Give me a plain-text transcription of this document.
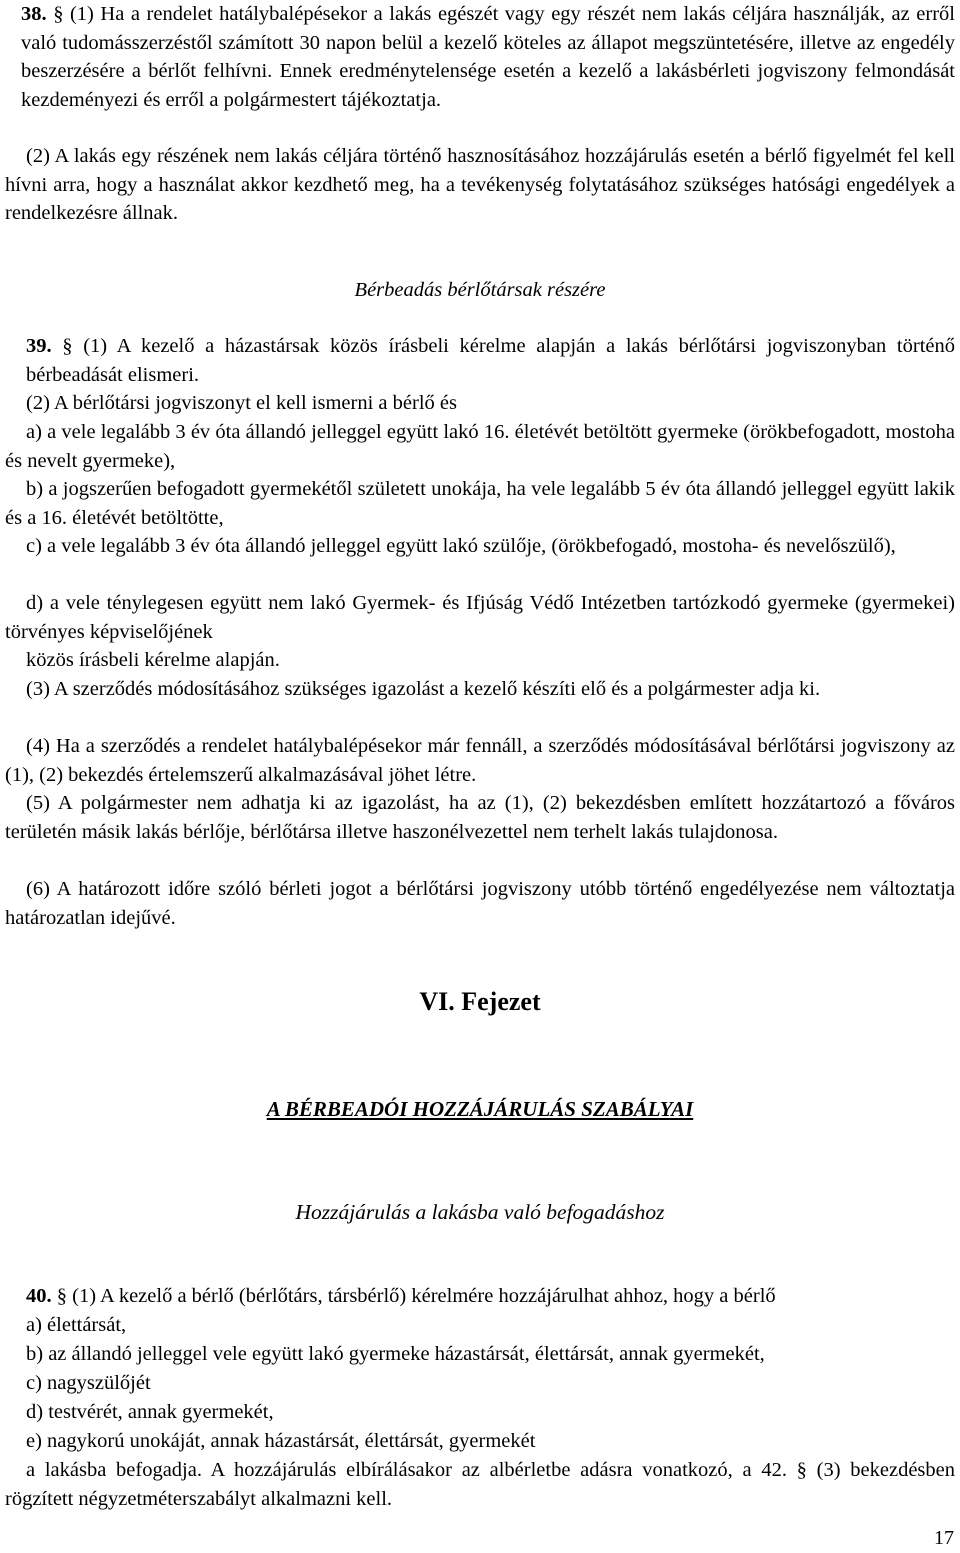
38. § (1) Ha a rendelet hatálybalépésekor a lakás egészét vagy egy részét nem lakás céljára használják, az erről való tudomásszerzéstől számított 30 napon belül a kezelő köteles az állapot megszüntetésére, illetve az engedély beszerzésére a bérlőt felhívni. Ennek eredménytelensége esetén a kezelő a lakásbérleti jogviszony felmondását kezdeményezi és erről a polgármestert tájékoztatja.

(2) A lakás egy részének nem lakás céljára történő hasznosításához hozzájárulás esetén a bérlő figyelmét fel kell hívni arra, hogy a használat akkor kezdhető meg, ha a tevékenység folytatásához szükséges hatósági engedélyek a rendelkezésre állnak.

Bérbeadás bérlőtársak részére

39. § (1) A kezelő a házastársak közös írásbeli kérelme alapján a lakás bérlőtársi jogviszonyban történő bérbeadását elismeri.

(2) A bérlőtársi jogviszonyt el kell ismerni a bérlő és

a) a vele legalább 3 év óta állandó jelleggel együtt lakó 16. életévét betöltött gyermeke (örökbefogadott, mostoha és nevelt gyermeke),

b) a jogszerűen befogadott gyermekétől született unokája, ha vele legalább 5 év óta állandó jelleggel együtt lakik és a 16. életévét betöltötte,

c) a vele legalább 3 év óta állandó jelleggel együtt lakó szülője, (örökbefogadó, mostoha- és nevelőszülő),

d) a vele ténylegesen együtt nem lakó Gyermek- és Ifjúság Védő Intézetben tartózkodó gyermeke (gyermekei) törvényes képviselőjének

közös írásbeli kérelme alapján.

(3) A szerződés módosításához szükséges igazolást a kezelő készíti elő és a polgármester adja ki.

(4) Ha a szerződés a rendelet hatálybalépésekor már fennáll, a szerződés módosításával bérlőtársi jogviszony az (1), (2) bekezdés értelemszerű alkalmazásával jöhet létre.

(5) A polgármester nem adhatja ki az igazolást, ha az (1), (2) bekezdésben említett hozzátartozó a főváros területén másik lakás bérlője, bérlőtársa illetve haszonélvezettel nem terhelt lakás tulajdonosa.

(6) A határozott időre szóló bérleti jogot a bérlőtársi jogviszony utóbb történő engedélyezése nem változtatja határozatlan idejűvé.

VI. Fejezet

A BÉRBEADÓI HOZZÁJÁRULÁS SZABÁLYAI

Hozzájárulás a lakásba való befogadáshoz

40. § (1) A kezelő a bérlő (bérlőtárs, társbérlő) kérelmére hozzájárulhat ahhoz, hogy a bérlő

a) élettársát,

b) az állandó jelleggel vele együtt lakó gyermeke házastársát, élettársát, annak gyermekét,

c) nagyszülőjét

d) testvérét, annak gyermekét,

e) nagykorú unokáját, annak házastársát, élettársát, gyermekét

a lakásba befogadja. A hozzájárulás elbírálásakor az albérletbe adásra vonatkozó, a 42. § (3) bekezdésben rögzített négyzetméterszabályt alkalmazni kell.

17
